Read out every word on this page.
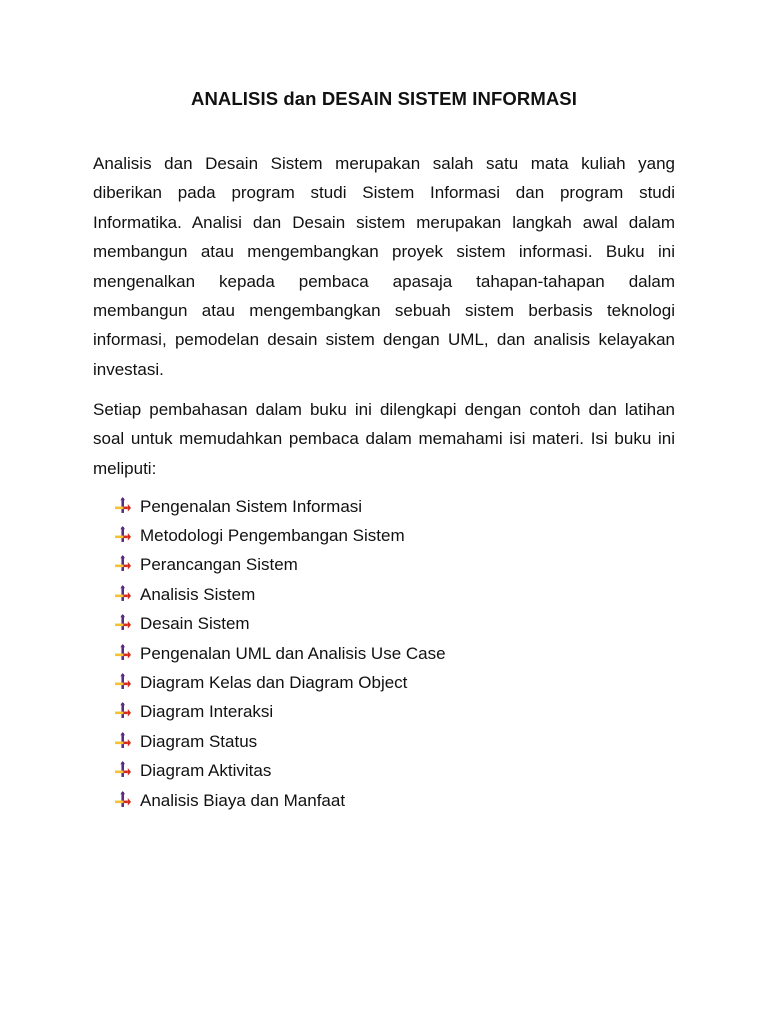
ANALISIS dan DESAIN SISTEM INFORMASI

Analisis dan Desain Sistem merupakan salah satu mata kuliah yang diberikan pada program studi Sistem Informasi dan program studi Informatika. Analisi dan Desain sistem merupakan langkah awal dalam membangun atau mengembangkan proyek sistem informasi. Buku ini mengenalkan kepada pembaca apasaja tahapan-tahapan dalam membangun atau mengembangkan sebuah sistem berbasis teknologi informasi, pemodelan desain sistem dengan UML, dan analisis kelayakan investasi.

Setiap pembahasan dalam buku ini dilengkapi dengan contoh dan latihan soal untuk memudahkan pembaca dalam memahami isi materi. Isi buku ini meliputi:

Pengenalan Sistem Informasi
Metodologi Pengembangan Sistem
Perancangan Sistem
Analisis Sistem
Desain Sistem
Pengenalan UML dan Analisis Use Case
Diagram Kelas dan Diagram Object
Diagram Interaksi
Diagram Status
Diagram Aktivitas
Analisis Biaya dan Manfaat
